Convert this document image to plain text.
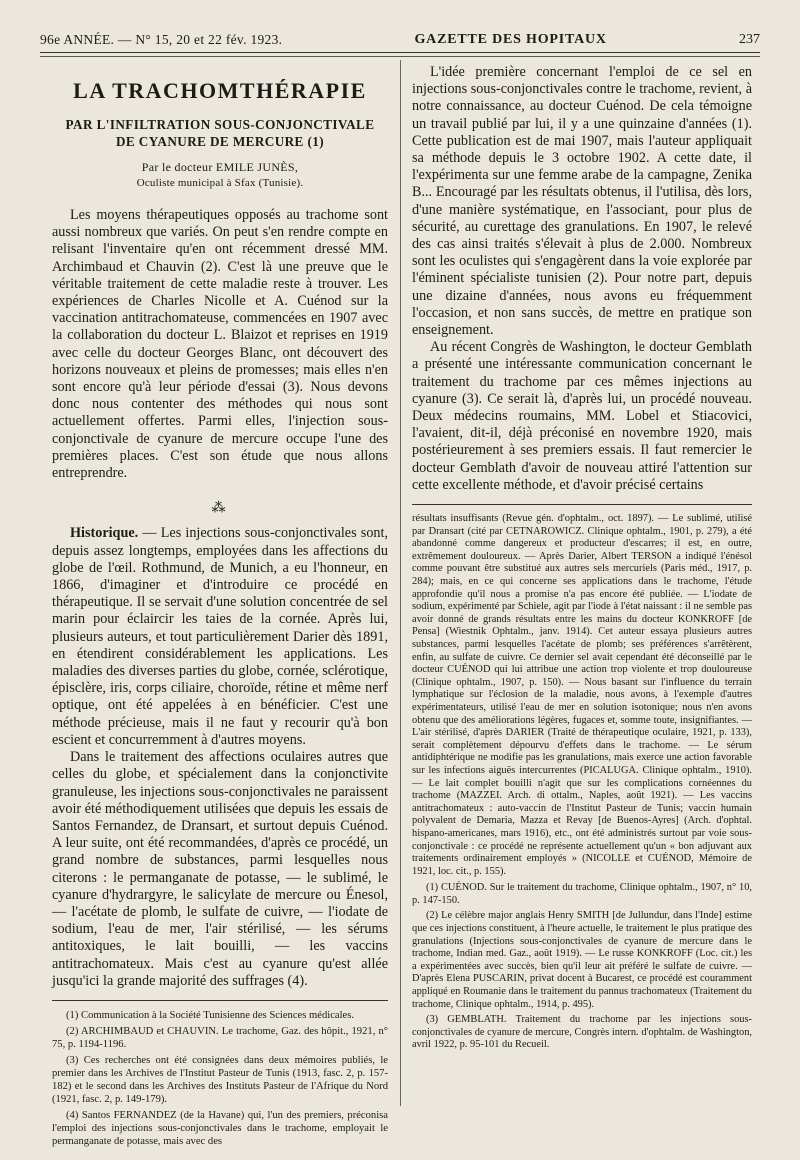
96e ANNÉE. — N° 15, 20 et 22 fév. 1923.	GAZETTE DES HOPITAUX	237
LA TRACHOMTHÉRAPIE
PAR L'INFILTRATION SOUS-CONJONCTIVALE
DE CYANURE DE MERCURE (1)
Par le docteur EMILE JUNÈS,
Oculiste municipal à Sfax (Tunisie).

Les moyens thérapeutiques opposés au trachome sont aussi nombreux que variés. On peut s'en rendre compte en relisant l'inventaire qu'en ont récemment dressé MM. Archimbaud et Chauvin (2). C'est là une preuve que le véritable traitement de cette maladie reste à trouver. Les expériences de Charles Nicolle et A. Cuénod sur la vaccination antitrachomateuse, commencées en 1907 avec la collaboration du docteur L. Blaizot et reprises en 1919 avec celle du docteur Georges Blanc, ont découvert des horizons nouveaux et pleins de promesses; mais elles n'en sont encore qu'à leur période d'essai (3). Nous devons donc nous contenter des méthodes qui nous sont actuellement offertes. Parmi elles, l'injection sous-conjonctivale de cyanure de mercure occupe l'une des premières places. C'est son étude que nous allons entreprendre.

⁂

Historique. — Les injections sous-conjonctivales sont, depuis assez longtemps, employées dans les affections du globe de l'œil. Rothmund, de Munich, a eu l'honneur, en 1866, d'imaginer et d'introduire ce procédé en thérapeutique. Il se servait d'une solution concentrée de sel marin pour éclaircir les taies de la cornée. Après lui, plusieurs auteurs, et tout particulièrement Darier dès 1891, en étendirent considérablement les applications. Les maladies des diverses parties du globe, cornée, sclérotique, épisclère, iris, corps ciliaire, choroïde, rétine et même nerf optique, ont été appelées à en bénéficier. C'est une méthode précieuse, mais il ne faut y recourir qu'à bon escient et concurremment à d'autres moyens.

Dans le traitement des affections oculaires autres que celles du globe, et spécialement dans la conjonctivite granuleuse, les injections sous-conjonctivales ne paraissent avoir été méthodiquement utilisées que depuis les essais de Santos Fernandez, de Dransart, et surtout depuis Cuénod. A leur suite, ont été recommandées, d'après ce procédé, un grand nombre de substances, parmi lesquelles nous citerons : le permanganate de potasse, — le sublimé, le cyanure d'hydrargyre, le salicylate de mercure ou Énesol, — l'acétate de plomb, le sulfate de cuivre, — l'iodate de sodium, l'eau de mer, l'air stérilisé, — les sérums antitoxiques, le lait bouilli, — les vaccins antitrachomateux. Mais c'est au cyanure qu'est allée jusqu'ici la grande majorité des suffrages (4).

(1) Communication à la Société Tunisienne des Sciences médicales.

(2) ARCHIMBAUD et CHAUVIN. Le trachome, Gaz. des hôpit., 1921, n° 75, p. 1194-1196.

(3) Ces recherches ont été consignées dans deux mémoires publiés, le premier dans les Archives de l'Institut Pasteur de Tunis (1913, fasc. 2, p. 157-182) et le second dans les Archives des Instituts Pasteur de l'Afrique du Nord (1921, fasc. 2, p. 149-179).

(4) Santos FERNANDEZ (de la Havane) qui, l'un des premiers, préconisa l'emploi des injections sous-conjonctivales dans le trachome, employait le permanganate de potasse, mais avec des

L'idée première concernant l'emploi de ce sel en injections sous-conjonctivales contre le trachome, revient, à notre connaissance, au docteur Cuénod. De cela témoigne un travail publié par lui, il y a une quinzaine d'années (1). Cette publication est de mai 1907, mais l'auteur appliquait sa méthode depuis le 3 octobre 1902. A cette date, il l'expérimenta sur une femme arabe de la campagne, Zenika B... Encouragé par les résultats obtenus, il l'utilisa, dès lors, d'une manière systématique, en l'associant, pour plus de sécurité, au curettage des granulations. En 1907, le relevé des cas ainsi traités s'élevait à plus de 2.000. Nombreux sont les oculistes qui s'engagèrent dans la voie explorée par l'éminent spécialiste tunisien (2). Pour notre part, depuis une dizaine d'années, nous avons eu fréquemment l'occasion, et non sans succès, de mettre en pratique son enseignement.

Au récent Congrès de Washington, le docteur Gemblath a présenté une intéressante communication concernant le traitement du trachome par ces mêmes injections au cyanure (3). Ce serait là, d'après lui, un procédé nouveau. Deux médecins roumains, MM. Lobel et Stiacovici, l'avaient, dit-il, déjà préconisé en novembre 1920, mais postérieurement à ses premiers essais. Il faut remercier le docteur Gemblath d'avoir de nouveau attiré l'attention sur cette excellente méthode, et d'avoir précisé certains

résultats insuffisants (Revue gén. d'ophtalm., oct. 1897). — Le sublimé, utilisé par Dransart (cité par CETNAROWICZ. Clinique ophtalm., 1901, p. 279), a été abandonné comme dangereux et producteur d'escarres; il est, en outre, extrêmement douloureux. — Après Darier, Albert TERSON a indiqué l'énésol comme pouvant être substitué aux autres sels mercuriels (Paris méd., 1917, p. 284); mais, en ce qui concerne ses applications dans le trachome, l'étude approfondie qu'il nous a promise n'a pas encore été publiée. — L'iodate de sodium, expérimenté par Schiele, agit par l'iode à l'état naissant : il ne semble pas avoir donné de grands résultats entre les mains du docteur KONKROFF [de Pensa] (Wiestnik Ophtalm., janv. 1914). Cet auteur essaya plusieurs autres substances, parmi lesquelles l'acétate de plomb; ses préférences s'arrêtèrent, enfin, au sulfate de cuivre. Ce dernier sel avait cependant été déconseillé par le docteur CUÉNOD qui lui attribue une action trop violente et trop douloureuse (Clinique ophtalm., 1907, p. 150). — Nous basant sur l'influence du terrain lymphatique sur l'éclosion de la maladie, nous avons, à l'exemple d'autres expérimentateurs, utilisé l'eau de mer en solution isotonique; nous n'en avons obtenu que des améliorations légères, fugaces et, somme toute, insignifiantes. — L'air stérilisé, d'après DARIER (Traité de thérapeutique oculaire, 1921, p. 133), serait complètement dépourvu d'effets dans le trachome. — Le sérum antidiphtérique ne modifie pas les granulations, mais exerce une action favorable sur les infections aiguës intercurrentes (PICALUGA. Clinique ophtalm., 1910). — Le lait complet bouilli n'agit que sur les complications cornéennes du trachome (MAZZEI. Arch. di ottalm., Naples, août 1921). — Les vaccins antitrachomateux : auto-vaccin de l'Institut Pasteur de Tunis; vaccin humain polyvalent de Demaria, Mazza et Revay [de Buenos-Ayres] (Arch. d'ophtal. hispano-americanes, mars 1916), etc., ont été administrés surtout par voie sous-conjonctivale : ce procédé ne représente actuellement qu'un « bon adjuvant aux traitements ordinairement employés » (NICOLLE et CUÉNOD, Mémoire de 1921, loc. cit., p. 155).

(1) CUÉNOD. Sur le traitement du trachome, Clinique ophtalm., 1907, n° 10, p. 147-150.

(2) Le célèbre major anglais Henry SMITH [de Jullundur, dans l'Inde] estime que ces injections constituent, à l'heure actuelle, le traitement le plus pratique des granulations (Injections sous-conjonctivales de cyanure de mercure dans le trachome, Indian med. Gaz., août 1919). — Le russe KONKROFF (Loc. cit.) les a expérimentées avec succès, bien qu'il leur ait préféré le sulfate de cuivre. — D'après Elena PUSCARIN, privat docent à Bucarest, ce procédé est couramment appliqué en Roumanie dans le traitement du pannus trachomateux (Traitement du trachome, Clinique ophtalm., 1914, p. 495).

(3) GEMBLATH. Traitement du trachome par les injections sous-conjonctivales de cyanure de mercure, Congrès intern. d'ophtalm. de Washington, avril 1922, p. 95-101 du Recueil.
